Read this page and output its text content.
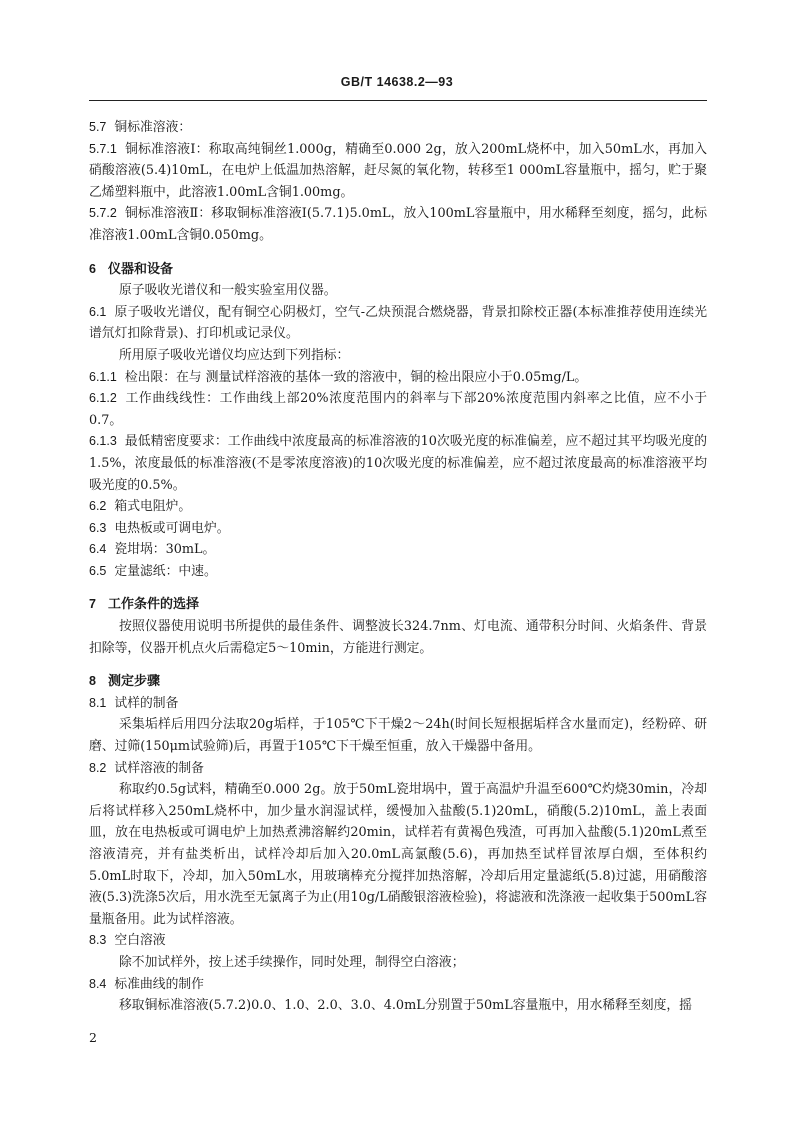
GB/T 14638.2—93

5.7 铜标准溶液：

5.7.1 铜标准溶液Ⅰ：称取高纯铜丝1.000g，精确至0.000 2g，放入200mL烧杯中，加入50mL水，再加入硝酸溶液(5.4)10mL，在电炉上低温加热溶解，赶尽氮的氧化物，转移至1 000mL容量瓶中，摇匀，贮于聚乙烯塑料瓶中，此溶液1.00mL含铜1.00mg。

5.7.2 铜标准溶液Ⅱ：移取铜标准溶液Ⅰ(5.7.1)5.0mL，放入100mL容量瓶中，用水稀释至刻度，摇匀，此标准溶液1.00mL含铜0.050mg。

6 仪器和设备

原子吸收光谱仪和一般实验室用仪器。

6.1 原子吸收光谱仪，配有铜空心阴极灯，空气-乙炔预混合燃烧器，背景扣除校正器(本标准推荐使用连续光谱氘灯扣除背景)、打印机或记录仪。

所用原子吸收光谱仪均应达到下列指标：

6.1.1 检出限：在与 测量试样溶液的基体一致的溶液中，铜的检出限应小于0.05mg/L。

6.1.2 工作曲线线性：工作曲线上部20%浓度范围内的斜率与下部20%浓度范围内斜率之比值，应不小于0.7。

6.1.3 最低精密度要求：工作曲线中浓度最高的标准溶液的10次吸光度的标准偏差，应不超过其平均吸光度的1.5%，浓度最低的标准溶液(不是零浓度溶液)的10次吸光度的标准偏差，应不超过浓度最高的标准溶液平均吸光度的0.5%。

6.2 箱式电阻炉。

6.3 电热板或可调电炉。

6.4 瓷坩埚：30mL。

6.5 定量滤纸：中速。

7 工作条件的选择

按照仪器使用说明书所提供的最佳条件、调整波长324.7nm、灯电流、通带积分时间、火焰条件、背景扣除等，仪器开机点火后需稳定5～10min，方能进行测定。

8 测定步骤

8.1 试样的制备

采集垢样后用四分法取20g垢样，于105℃下干燥2～24h(时间长短根据垢样含水量而定)，经粉碎、研磨、过筛(150μm试验筛)后，再置于105℃下干燥至恒重，放入干燥器中备用。

8.2 试样溶液的制备

称取约0.5g试料，精确至0.000 2g。放于50mL瓷坩埚中，置于高温炉升温至600℃灼烧30min，冷却后将试样移入250mL烧杯中，加少量水润湿试样，缓慢加入盐酸(5.1)20mL，硝酸(5.2)10mL，盖上表面皿，放在电热板或可调电炉上加热煮沸溶解约20min，试样若有黄褐色残渣，可再加入盐酸(5.1)20mL煮至溶液清亮，并有盐类析出，试样冷却后加入20.0mL高氯酸(5.6)，再加热至试样冒浓厚白烟，至体积约5.0mL时取下，冷却，加入50mL水，用玻璃棒充分搅拌加热溶解，冷却后用定量滤纸(5.8)过滤，用硝酸溶液(5.3)洗涤5次后，用水洗至无氯离子为止(用10g/L硝酸银溶液检验)，将滤液和洗涤液一起收集于500mL容量瓶备用。此为试样溶液。

8.3 空白溶液

除不加试样外，按上述手续操作，同时处理，制得空白溶液；

8.4 标准曲线的制作

移取铜标准溶液(5.7.2)0.0、1.0、2.0、3.0、4.0mL分别置于50mL容量瓶中，用水稀释至刻度，摇

2
